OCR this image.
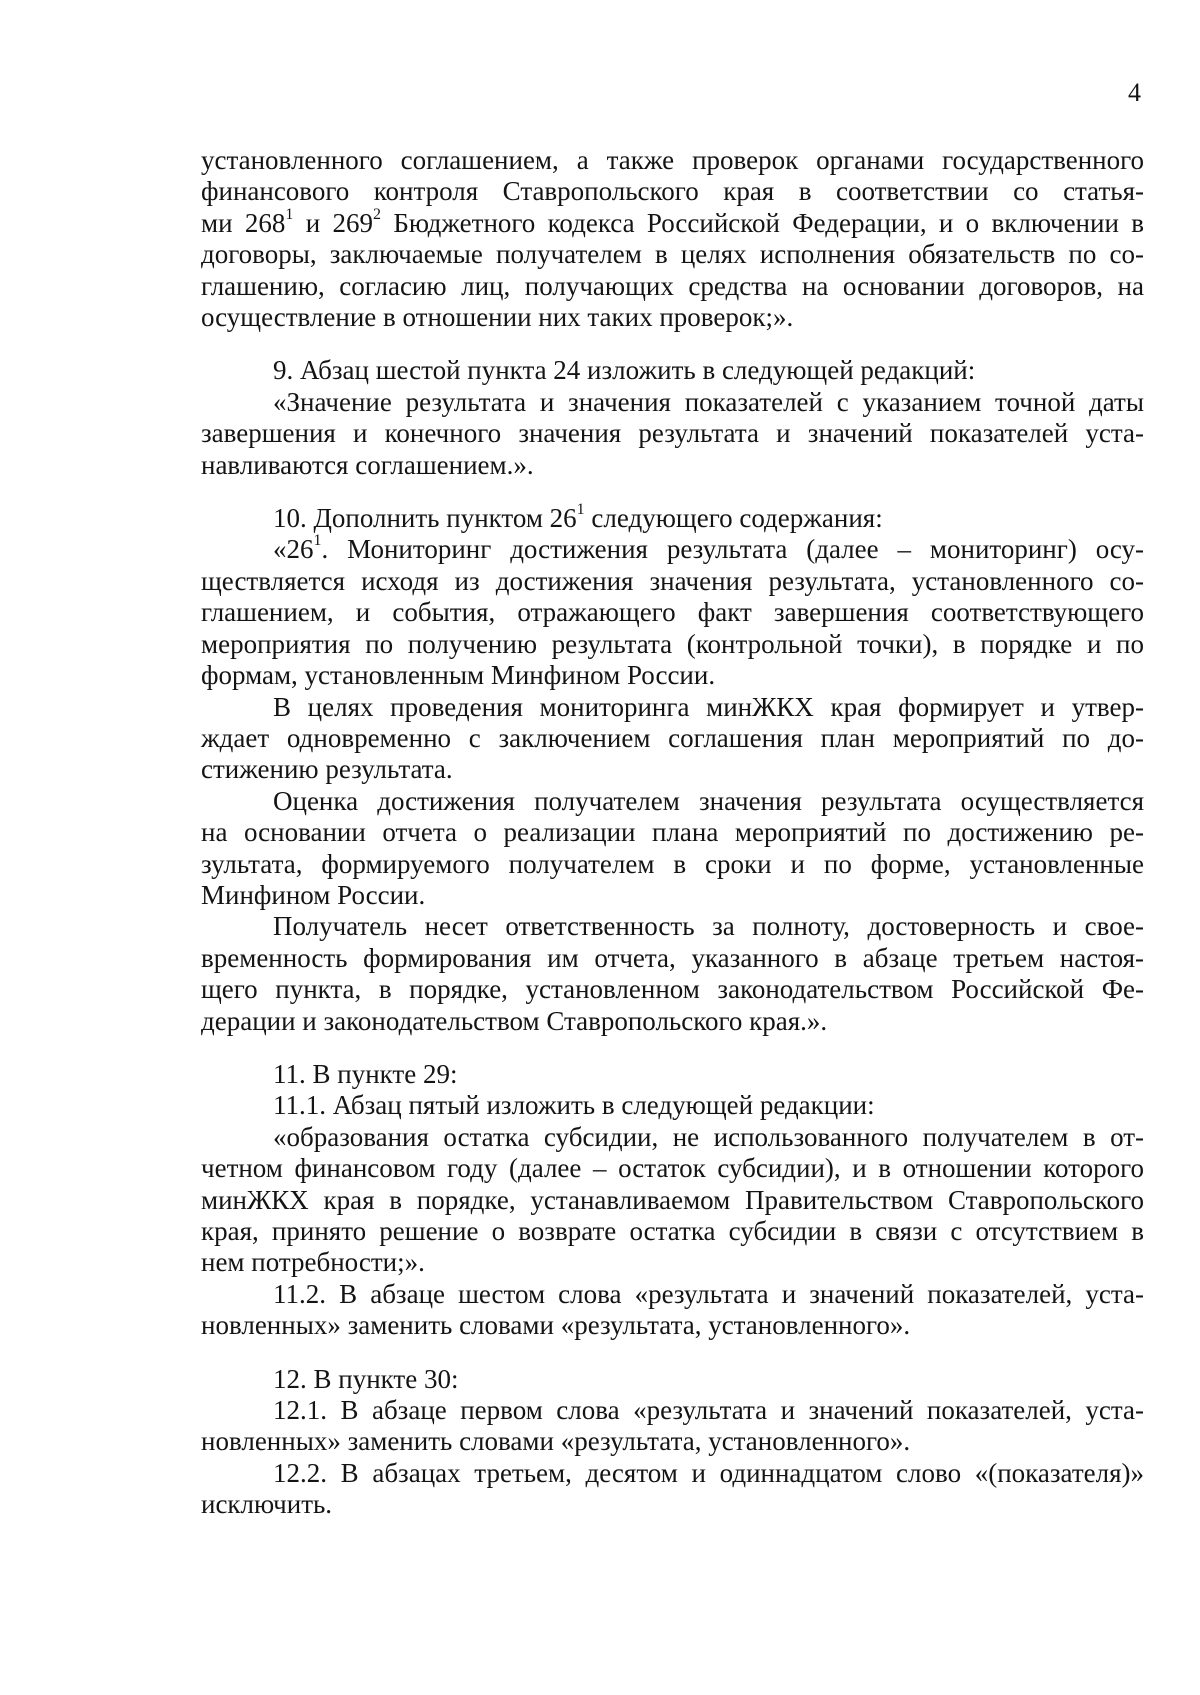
4

установленного соглашением, а также проверок органами государственного
финансового контроля Ставропольского края в соответствии со статья-
ми $268^1$ и $269^2$ Бюджетного кодекса Российской Федерации, и о включении в
договоры, заключаемые получателем в целях исполнения обязательств по со-
глашению, согласию лиц, получающих средства на основании договоров, на
осуществление в отношении них таких проверок;».

9. Абзац шестой пункта 24 изложить в следующей редакций:

«Значение результата и значения показателей с указанием точной даты
завершения и конечного значения результата и значений показателей уста-
навливаются соглашением.».

10. Дополнить пунктом $26^1$ следующего содержания:

«$26^1$. Мониторинг достижения результата (далее – мониторинг) осу-
ществляется исходя из достижения значения результата, установленного со-
глашением, и события, отражающего факт завершения соответствующего
мероприятия по получению результата (контрольной точки), в порядке и по
формам, установленным Минфином России.

В целях проведения мониторинга минЖКХ края формирует и утвер-
ждает одновременно с заключением соглашения план мероприятий по до-
стижению результата.

Оценка достижения получателем значения результата осуществляется
на основании отчета о реализации плана мероприятий по достижению ре-
зультата, формируемого получателем в сроки и по форме, установленные
Минфином России.

Получатель несет ответственность за полноту, достоверность и свое-
временность формирования им отчета, указанного в абзаце третьем настоя-
щего пункта, в порядке, установленном законодательством Российской Фе-
дерации и законодательством Ставропольского края.».

11. В пункте 29:

11.1. Абзац пятый изложить в следующей редакции:

«образования остатка субсидии, не использованного получателем в от-
четном финансовом году (далее – остаток субсидии), и в отношении которого
минЖКХ края в порядке, устанавливаемом Правительством Ставропольского
края, принято решение о возврате остатка субсидии в связи с отсутствием в
нем потребности;».

11.2. В абзаце шестом слова «результата и значений показателей, уста-
новленных» заменить словами «результата, установленного».

12. В пункте 30:

12.1. В абзаце первом слова «результата и значений показателей, уста-
новленных» заменить словами «результата, установленного».

12.2. В абзацах третьем, десятом и одиннадцатом слово «(показателя)»
исключить.
